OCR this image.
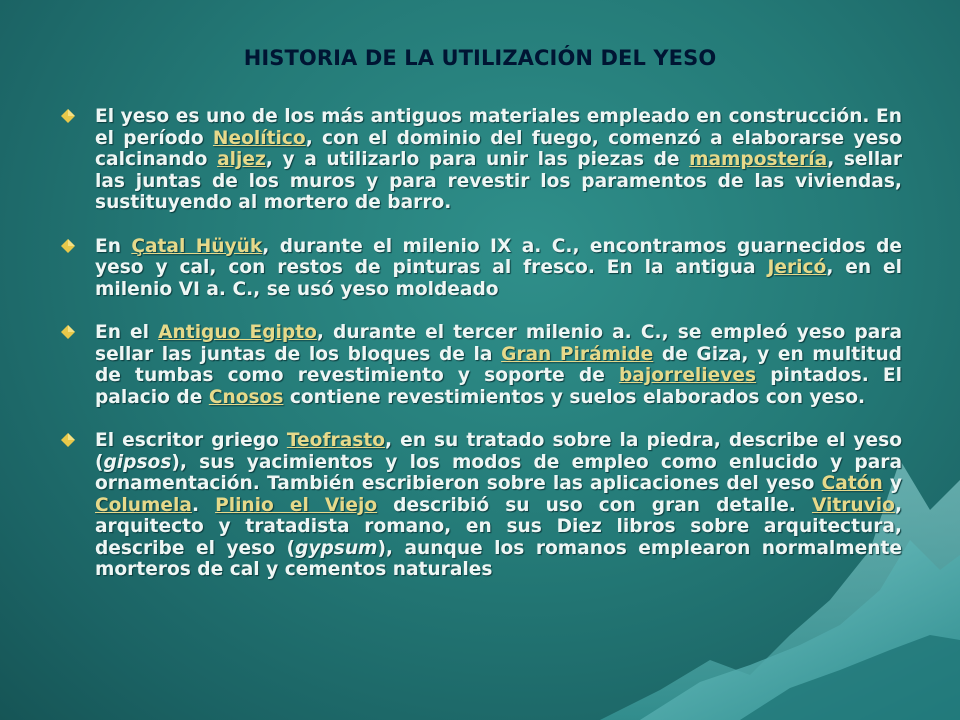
HISTORIA DE LA UTILIZACIÓN DEL YESO
El yeso es uno de los más antiguos materiales empleado en construcción. En el período Neolítico, con el dominio del fuego, comenzó a elaborarse yeso calcinando aljez, y a utilizarlo para unir las piezas de mampostería, sellar las juntas de los muros y para revestir los paramentos de las viviendas, sustituyendo al mortero de barro.
En Çatal Hüyük, durante el milenio IX a. C., encontramos guarnecidos de yeso y cal, con restos de pinturas al fresco. En la antigua Jericó, en el milenio VI a. C., se usó yeso moldeado
En el Antiguo Egipto, durante el tercer milenio a. C., se empleó yeso para sellar las juntas de los bloques de la Gran Pirámide de Giza, y en multitud de tumbas como revestimiento y soporte de bajorrelieves pintados. El palacio de Cnosos contiene revestimientos y suelos elaborados con yeso.
El escritor griego Teofrasto, en su tratado sobre la piedra, describe el yeso (gipsos), sus yacimientos y los modos de empleo como enlucido y para ornamentación. También escribieron sobre las aplicaciones del yeso Catón y Columela. Plinio el Viejo describió su uso con gran detalle. Vitruvio, arquitecto y tratadista romano, en sus Diez libros sobre arquitectura, describe el yeso (gypsum), aunque los romanos emplearon normalmente morteros de cal y cementos naturales
